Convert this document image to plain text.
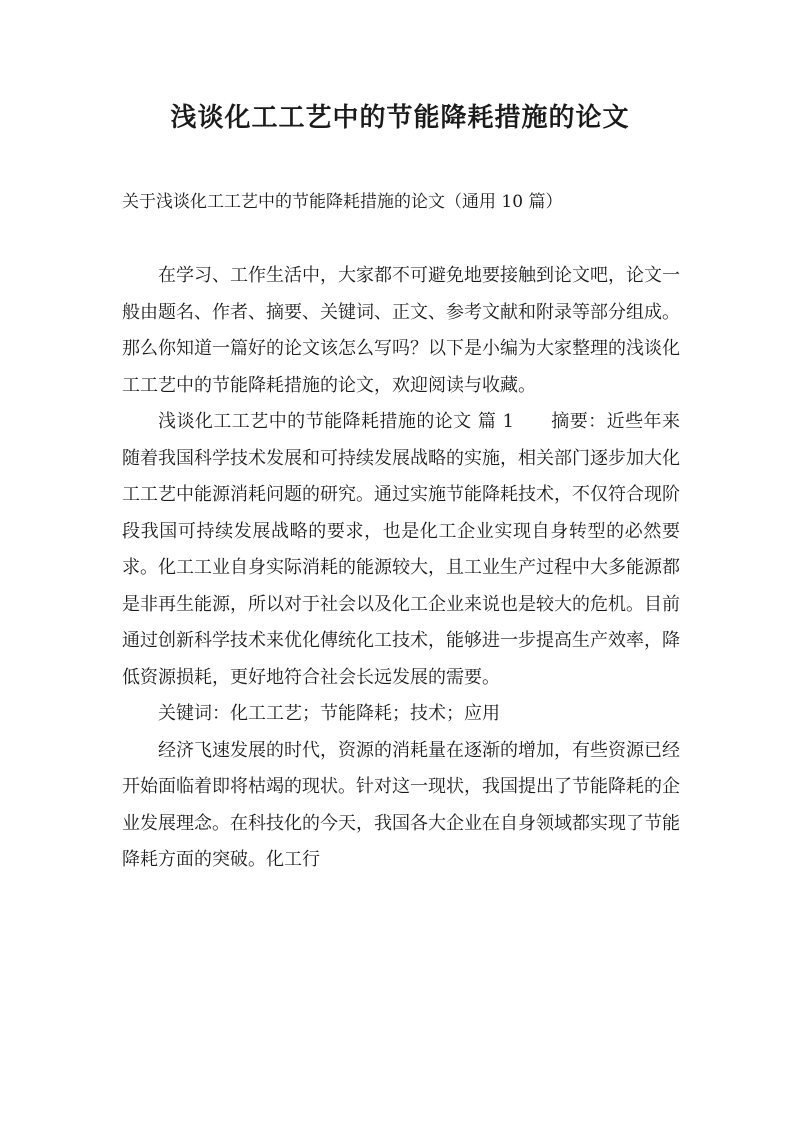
浅谈化工工艺中的节能降耗措施的论文

关于浅谈化工工艺中的节能降耗措施的论文（通用 10 篇）

在学习、工作生活中，大家都不可避免地要接触到论文吧，论文一般由题名、作者、摘要、关键词、正文、参考文献和附录等部分组成。那么你知道一篇好的论文该怎么写吗？以下是小编为大家整理的浅谈化工工艺中的节能降耗措施的论文，欢迎阅读与收藏。

浅谈化工工艺中的节能降耗措施的论文 篇 1　　摘要：近些年来随着我国科学技术发展和可持续发展战略的实施，相关部门逐步加大化工工艺中能源消耗问题的研究。通过实施节能降耗技术，不仅符合现阶段我国可持续发展战略的要求，也是化工企业实现自身转型的必然要求。化工工业自身实际消耗的能源较大，且工业生产过程中大多能源都是非再生能源，所以对于社会以及化工企业来说也是较大的危机。目前通过创新科学技术来优化傳统化工技术，能够进一步提高生产效率，降低资源损耗，更好地符合社会长远发展的需要。

关键词：化工工艺；节能降耗；技术；应用

经济飞速发展的时代，资源的消耗量在逐渐的增加，有些资源已经开始面临着即将枯竭的现状。针对这一现状，我国提出了节能降耗的企业发展理念。在科技化的今天，我国各大企业在自身领域都实现了节能降耗方面的突破。化工行
